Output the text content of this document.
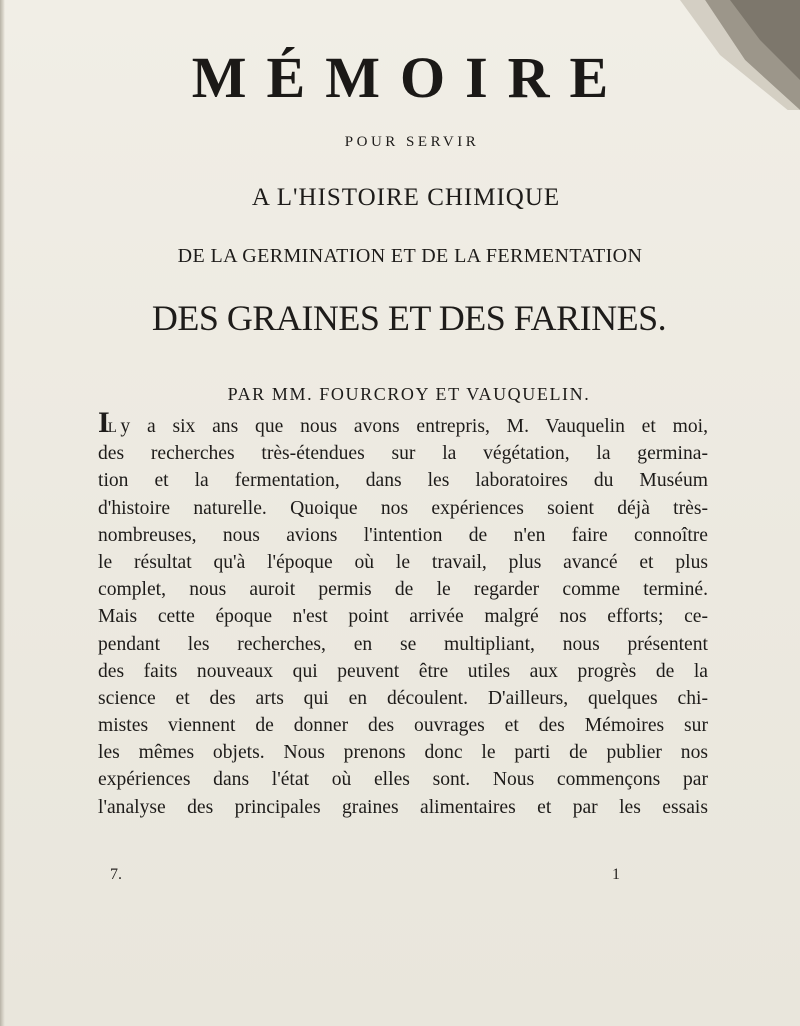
MÉMOIRE
POUR SERVIR
A L'HISTOIRE CHIMIQUE
DE LA GERMINATION ET DE LA FERMENTATION
DES GRAINES ET DES FARINES.
PAR MM. FOURCROY ET VAUQUELIN.
IL y a six ans que nous avons entrepris, M. Vauquelin et moi,
des recherches très-étendues sur la végétation, la germina-
tion et la fermentation, dans les laboratoires du Muséum
d'histoire naturelle. Quoique nos expériences soient déjà très-
nombreuses, nous avions l'intention de n'en faire connoître
le résultat qu'à l'époque où le travail, plus avancé et plus
complet, nous auroit permis de le regarder comme terminé.
Mais cette époque n'est point arrivée malgré nos efforts; ce-
pendant les recherches, en se multipliant, nous présentent
des faits nouveaux qui peuvent être utiles aux progrès de la
science et des arts qui en découlent. D'ailleurs, quelques chi-
mistes viennent de donner des ouvrages et des Mémoires sur
les mêmes objets. Nous prenons donc le parti de publier nos
expériences dans l'état où elles sont. Nous commençons par
l'analyse des principales graines alimentaires et par les essais
7.	1
